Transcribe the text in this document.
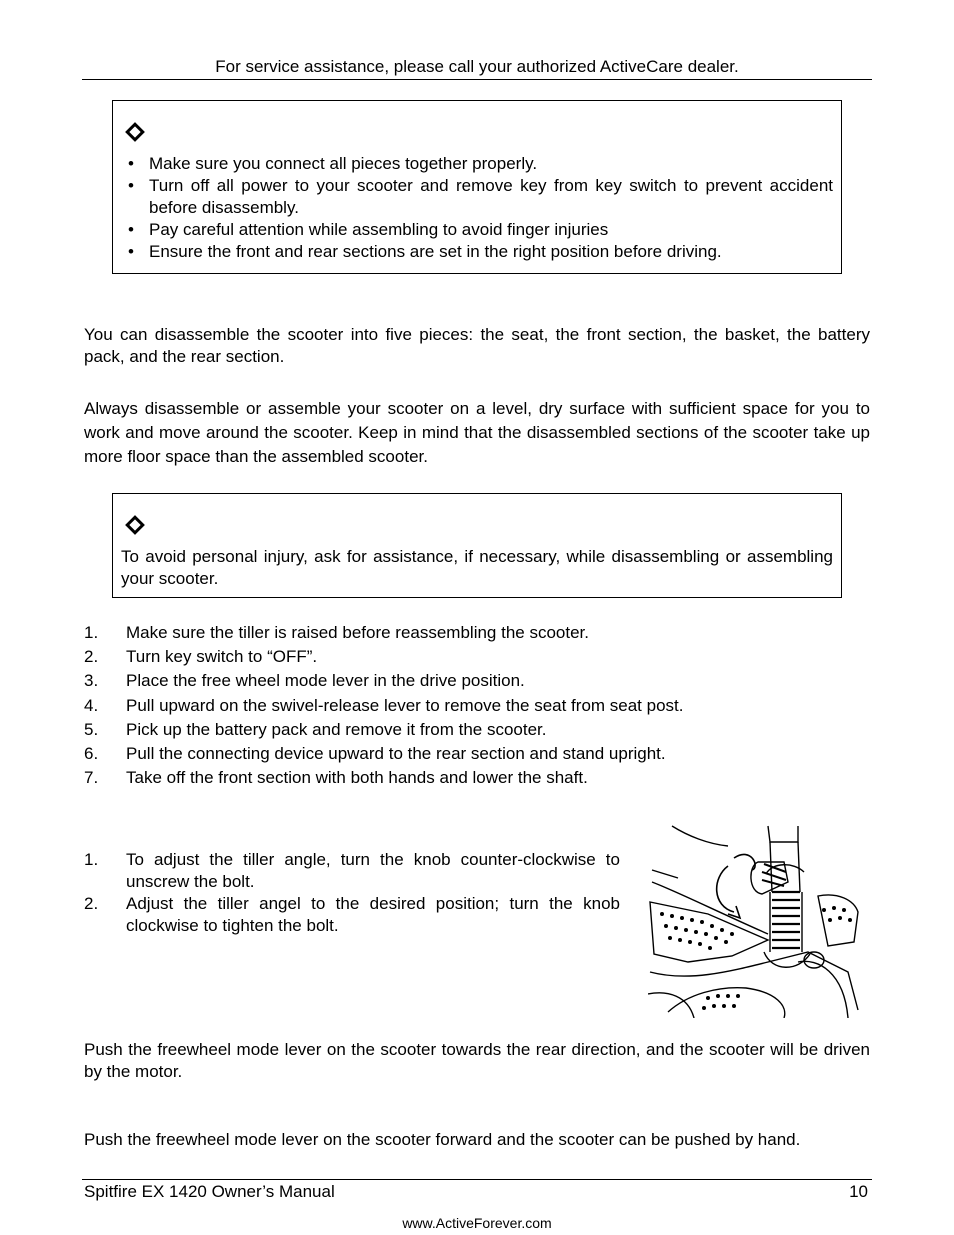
For service assistance, please call your authorized ActiveCare dealer.
• Make sure you connect all pieces together properly.
• Turn off all power to your scooter and remove key from key switch to prevent accident before disassembly.
• Pay careful attention while assembling to avoid finger injuries
• Ensure the front and rear sections are set in the right position before driving.
You can disassemble the scooter into five pieces: the seat, the front section, the basket, the battery pack, and the rear section.
Always disassemble or assemble your scooter on a level, dry surface with sufficient space for you to work and move around the scooter. Keep in mind that the disassembled sections of the scooter take up more floor space than the assembled scooter.
To avoid personal injury, ask for assistance, if necessary, while disassembling or assembling your scooter.
1. Make sure the tiller is raised before reassembling the scooter.
2. Turn key switch to “OFF”.
3. Place the free wheel mode lever in the drive position.
4. Pull upward on the swivel-release lever to remove the seat from seat post.
5. Pick up the battery pack and remove it from the scooter.
6. Pull the connecting device upward to the rear section and stand upright.
7. Take off the front section with both hands and lower the shaft.
1. To adjust the tiller angle, turn the knob counter-clockwise to unscrew the bolt.
2. Adjust the tiller angel to the desired position; turn the knob clockwise to tighten the bolt.
Push the freewheel mode lever on the scooter towards the rear direction, and the scooter will be driven by the motor.
Push the freewheel mode lever on the scooter forward and the scooter can be pushed by hand.
Spitfire EX 1420 Owner’s Manual	10
www.ActiveForever.com
